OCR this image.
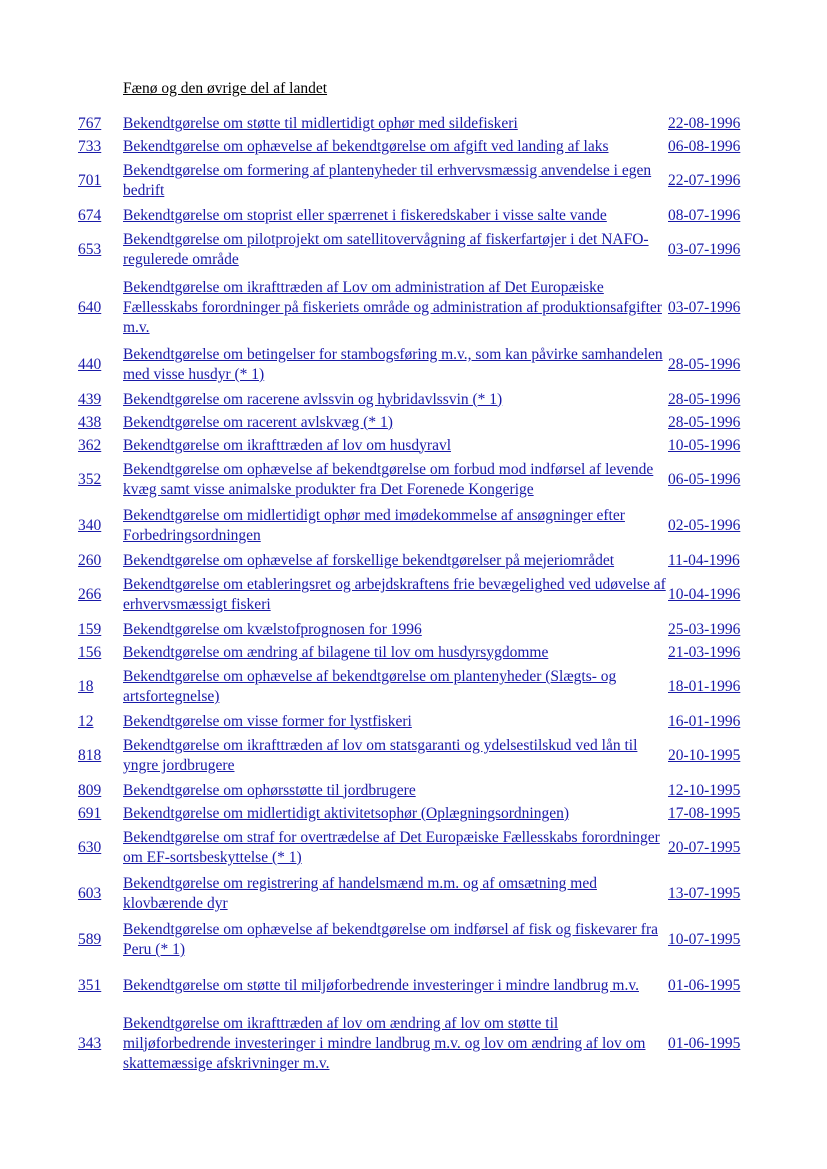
Fænø og den øvrige del af landet
767	Bekendtgørelse om støtte til midlertidigt ophør med sildefiskeri	22-08-1996
733	Bekendtgørelse om ophævelse af bekendtgørelse om afgift ved landing af laks	06-08-1996
701	Bekendtgørelse om formering af plantenyheder til erhvervsmæssig anvendelse i egen bedrift	22-07-1996
674	Bekendtgørelse om stoprist eller spærrenet i fiskeredskaber i visse salte vande	08-07-1996
653	Bekendtgørelse om pilotprojekt om satellitovervågning af fiskerfartøjer i det NAFO-regulerede område	03-07-1996
640	Bekendtgørelse om ikrafttræden af Lov om administration af Det Europæiske Fællesskabs forordninger på fiskeriets område og administration af produktionsafgifter m.v.	03-07-1996
440	Bekendtgørelse om betingelser for stambogsføring m.v., som kan påvirke samhandelen med visse husdyr (* 1)	28-05-1996
439	Bekendtgørelse om racerene avlssvin og hybridavlssvin (* 1)	28-05-1996
438	Bekendtgørelse om racerent avlskvæg (* 1)	28-05-1996
362	Bekendtgørelse om ikrafttræden af lov om husdyravl	10-05-1996
352	Bekendtgørelse om ophævelse af bekendtgørelse om forbud mod indførsel af levende kvæg samt visse animalske produkter fra Det Forenede Kongerige	06-05-1996
340	Bekendtgørelse om midlertidigt ophør med imødekommelse af ansøgninger efter Forbedringsordningen	02-05-1996
260	Bekendtgørelse om ophævelse af forskellige bekendtgørelser på mejeriområdet	11-04-1996
266	Bekendtgørelse om etableringsret og arbejdskraftens frie bevægelighed ved udøvelse af erhvervsmæssigt fiskeri	10-04-1996
159	Bekendtgørelse om kvælstofprognosen for 1996	25-03-1996
156	Bekendtgørelse om ændring af bilagene til lov om husdyrsygdomme	21-03-1996
18	Bekendtgørelse om ophævelse af bekendtgørelse om plantenyheder (Slægts- og artsfortegnelse)	18-01-1996
12	Bekendtgørelse om visse former for lystfiskeri	16-01-1996
818	Bekendtgørelse om ikrafttræden af lov om statsgaranti og ydelsestilskud ved lån til yngre jordbrugere	20-10-1995
809	Bekendtgørelse om ophørsstøtte til jordbrugere	12-10-1995
691	Bekendtgørelse om midlertidigt aktivitetsophør (Oplægningsordningen)	17-08-1995
630	Bekendtgørelse om straf for overtrædelse af Det Europæiske Fællesskabs forordninger om EF-sortsbeskyttelse (* 1)	20-07-1995
603	Bekendtgørelse om registrering af handelsmænd m.m. og af omsætning med klovbærende dyr	13-07-1995
589	Bekendtgørelse om ophævelse af bekendtgørelse om indførsel af fisk og fiskevarer fra Peru (* 1)	10-07-1995
351	Bekendtgørelse om støtte til miljøforbedrende investeringer i mindre landbrug m.v.	01-06-1995
343	Bekendtgørelse om ikrafttræden af lov om ændring af lov om støtte til miljøforbedrende investeringer i mindre landbrug m.v. og lov om ændring af lov om skattemæssige afskrivninger m.v.	01-06-1995
